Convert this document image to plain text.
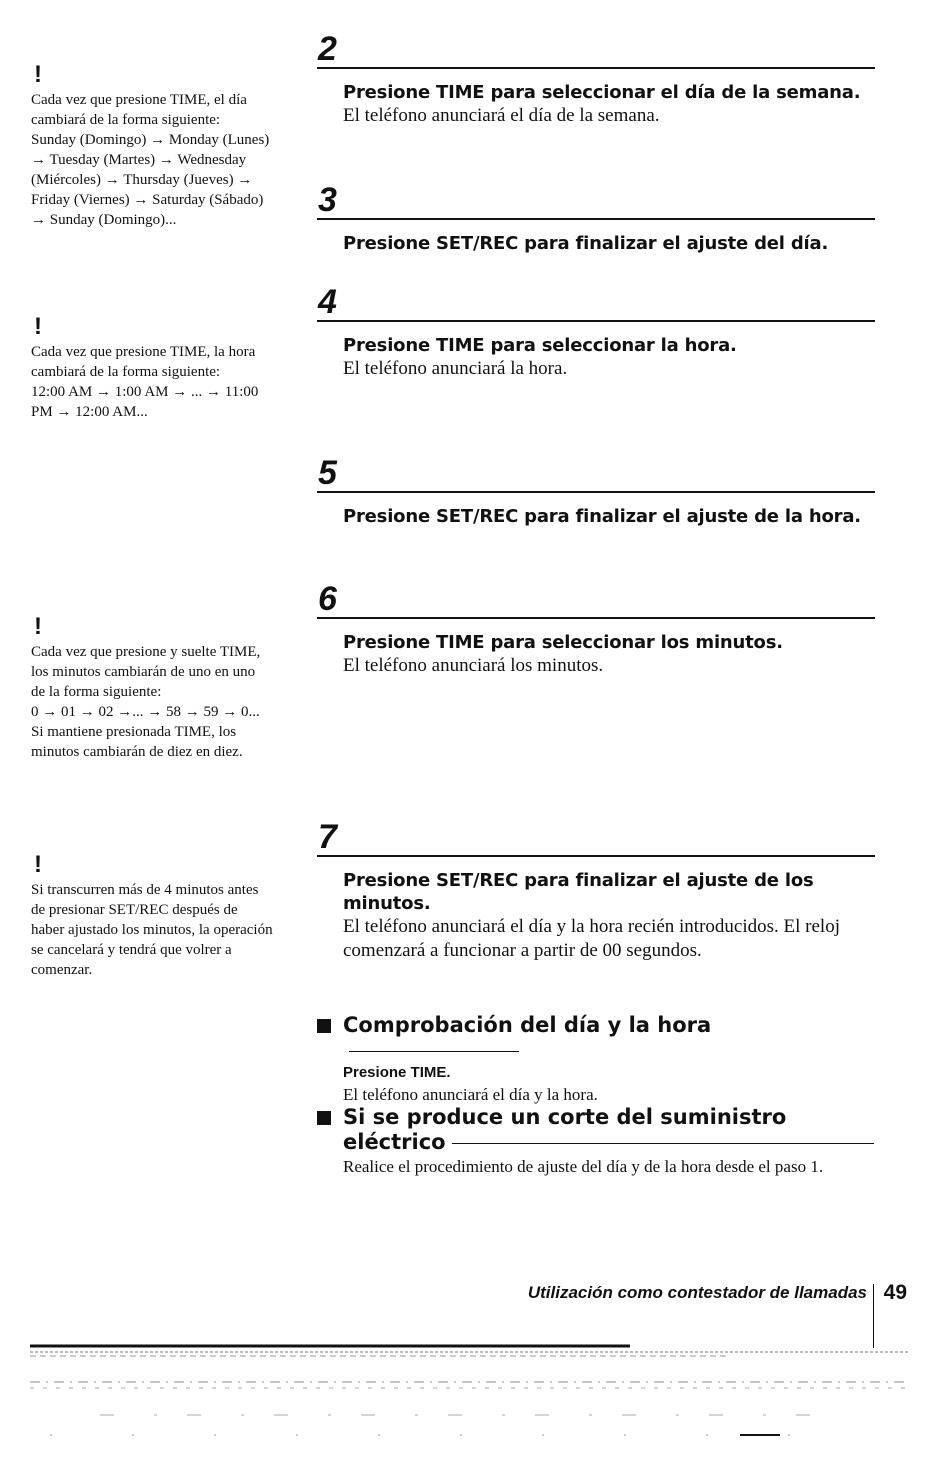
!

Cada vez que presione TIME, el día cambiará de la forma siguiente:
Sunday (Domingo) → Monday (Lunes) → Tuesday (Martes) → Wednesday (Miércoles) → Thursday (Jueves) → Friday (Viernes) → Saturday (Sábado) → Sunday (Domingo)...

!

Cada vez que presione TIME, la hora cambiará de la forma siguiente:
12:00 AM → 1:00 AM → ... → 11:00 PM → 12:00 AM...

!

Cada vez que presione y suelte TIME, los minutos cambiarán de uno en uno de la forma siguiente:
0 → 01 → 02 →... → 58 → 59 → 0...
Si mantiene presionada TIME, los minutos cambiarán de diez en diez.

!

Si transcurren más de 4 minutos antes de presionar SET/REC después de haber ajustado los minutos, la operación se cancelará y tendrá que volrer a comenzar.

2
Presione TIME para seleccionar el día de la semana.
El teléfono anunciará el día de la semana.
3
Presione SET/REC para finalizar el ajuste del día.
4
Presione TIME para seleccionar la hora.
El teléfono anunciará la hora.
5
Presione SET/REC para finalizar el ajuste de la hora.
6
Presione TIME para seleccionar los minutos.
El teléfono anunciará los minutos.
7
Presione SET/REC para finalizar el ajuste de los minutos.
El teléfono anunciará el día y la hora recién introducidos. El reloj comenzará a funcionar a partir de 00 segundos.
Comprobación del día y la hora
Presione TIME.
El teléfono anunciará el día y la hora.
Si se produce un corte del suministro eléctrico
Realice el procedimiento de ajuste del día y de la hora desde el paso 1.
Utilización como contestador de llamadas 49
